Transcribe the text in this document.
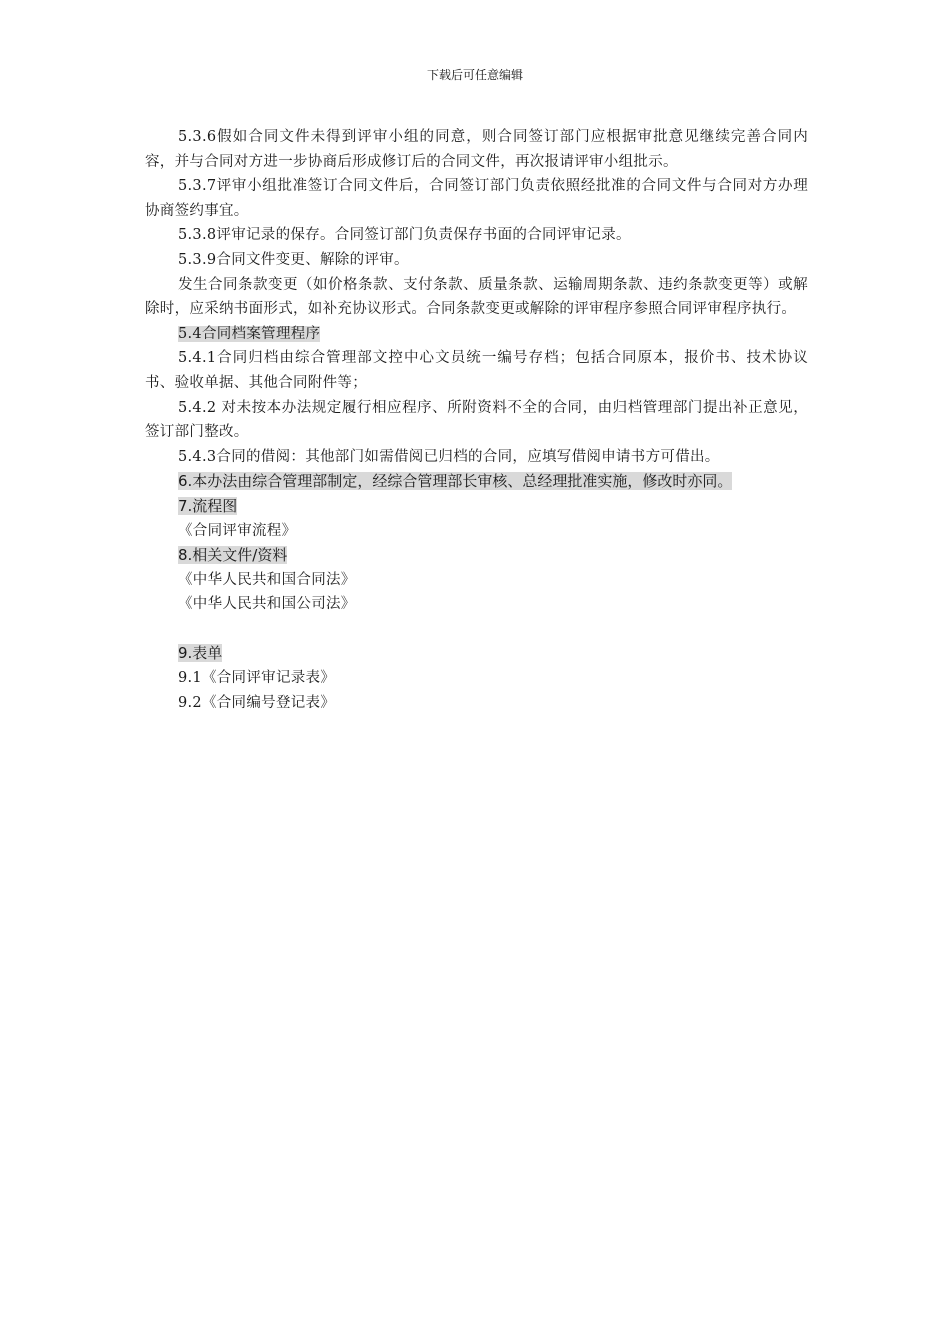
下载后可任意编辑

5.3.6假如合同文件未得到评审小组的同意，则合同签订部门应根据审批意见继续完善合同内容，并与合同对方进一步协商后形成修订后的合同文件，再次报请评审小组批示。

5.3.7评审小组批准签订合同文件后，合同签订部门负责依照经批准的合同文件与合同对方办理协商签约事宜。

5.3.8评审记录的保存。合同签订部门负责保存书面的合同评审记录。

5.3.9合同文件变更、解除的评审。

发生合同条款变更（如价格条款、支付条款、质量条款、运输周期条款、违约条款变更等）或解除时，应采纳书面形式，如补充协议形式。合同条款变更或解除的评审程序参照合同评审程序执行。

5.4合同档案管理程序

5.4.1合同归档由综合管理部文控中心文员统一编号存档；包括合同原本，报价书、技术协议书、验收单据、其他合同附件等；

5.4.2 对未按本办法规定履行相应程序、所附资料不全的合同，由归档管理部门提出补正意见，签订部门整改。

5.4.3合同的借阅：其他部门如需借阅已归档的合同，应填写借阅申请书方可借出。

6.本办法由综合管理部制定，经综合管理部长审核、总经理批准实施，修改时亦同。

7.流程图

《合同评审流程》

8.相关文件/资料

《中华人民共和国合同法》

《中华人民共和国公司法》

9.表单

9.1《合同评审记录表》

9.2《合同编号登记表》
